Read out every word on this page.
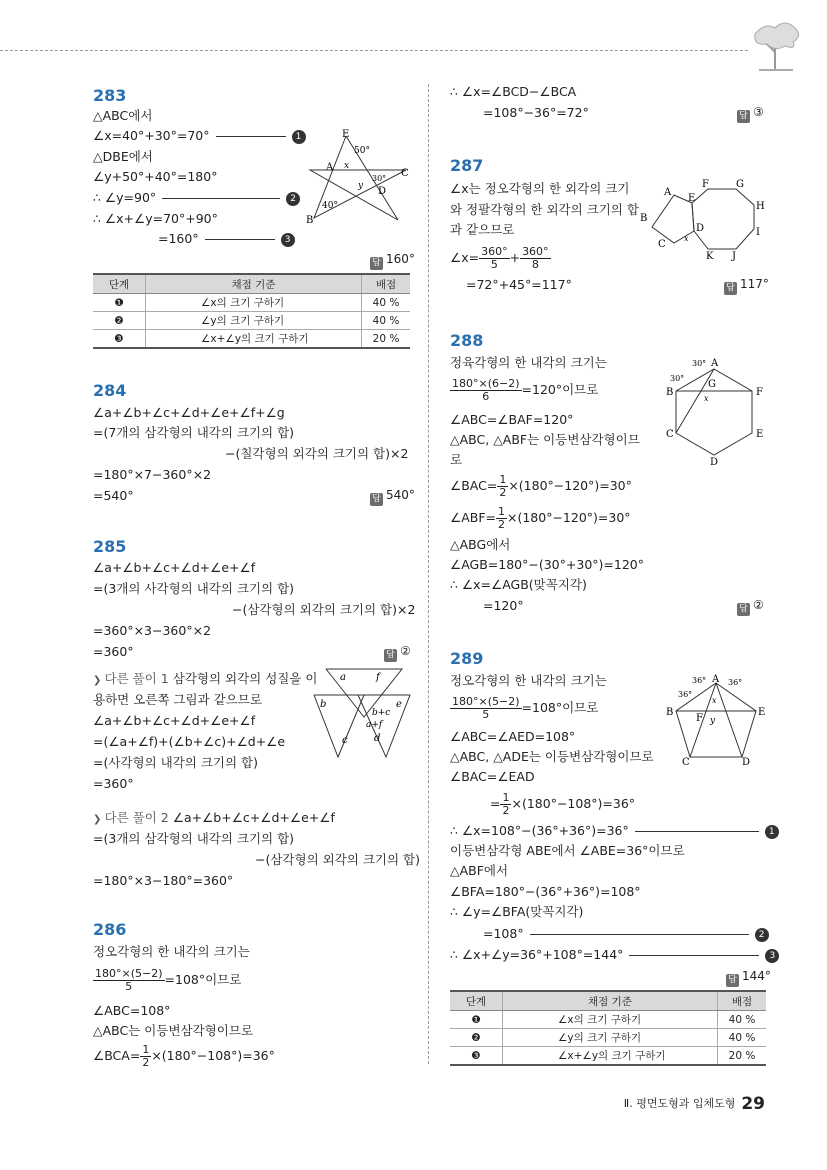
283
△ABC에서
∠x=40°+30°=70°	1
△DBE에서
∠y+50°+40°=180°
∴ ∠y=90°	2
∴ ∠x+∠y=70°+90°
=160°	3
E
50°
A x
C
y
30°
D
B
40°
답 160°
단계	채점 기준	배점
❶	∠x의 크기 구하기	40 %
❷	∠y의 크기 구하기	40 %
❸	∠x+∠y의 크기 구하기	20 %
284
∠a+∠b+∠c+∠d+∠e+∠f+∠g
=(7개의 삼각형의 내각의 크기의 합)
−(칠각형의 외각의 크기의 합)×2
=180°×7−360°×2
=540°	답 540°
285
∠a+∠b+∠c+∠d+∠e+∠f
=(3개의 사각형의 내각의 크기의 합)
−(삼각형의 외각의 크기의 합)×2
=360°×3−360°×2
=360°	답 ②
❯ 다른 풀이 1 삼각형의 외각의 성질을 이
용하면 오른쪽 그림과 같으므로
∠a+∠b+∠c+∠d+∠e+∠f
=(∠a+∠f)+(∠b+∠c)+∠d+∠e
=(사각형의 내각의 크기의 합)
=360°
a	f
b	e
b+c
a+f
c	d
❯ 다른 풀이 2 ∠a+∠b+∠c+∠d+∠e+∠f
=(3개의 삼각형의 내각의 크기의 합)
−(삼각형의 외각의 크기의 합)
=180°×3−180°=360°
286
정오각형의 한 내각의 크기는
$\frac{180^\circ\times(5-2)}{5} =108^\circ$이므로
∠ABC=108°
△ABC는 이등변삼각형이므로
∠BCA= $\frac{1}{2} \times(180^\circ-108^\circ)=36^\circ$
∴ ∠x=∠BCD−∠BCA
=108°−36°=72°	답 ③
287
∠x는 정오각형의 한 외각의 크기
와 정팔각형의 한 외각의 크기의 합
과 같으므로
∠x= $\frac{360^\circ}{5} + \frac{360^\circ}{8}$
=72°+45°=117°	답 117°
A
F	G
E
H
B
D	I
C
x
K J
288
정육각형의 한 내각의 크기는
$\frac{180^\circ\times(6-2)}{6} =120^\circ$이므로
∠ABC=∠BAF=120°
△ABC, △ABF는 이등변삼각형이므
로
∠BAC= $\frac{1}{2} \times(180^\circ-120^\circ)=30^\circ$
∠ABF= $\frac{1}{2} \times(180^\circ-120^\circ)=30^\circ$
△ABG에서
∠AGB=180°−(30°+30°)=120°
∴ ∠x=∠AGB(맞꼭지각)
=120°	답 ②
30° A
30°
B
G
F
x
C	E
D
289
정오각형의 한 내각의 크기는
$\frac{180^\circ\times(5-2)}{5} =108^\circ$이므로
∠ABC=∠AED=108°
△ABC, △ADE는 이등변삼각형이므로
∠BAC=∠EAD
= $\frac{1}{2} \times(180^\circ-108^\circ)=36^\circ$
∴ ∠x=108°−(36°+36°)=36°	1
이등변삼각형 ABE에서 ∠ABE=36°이므로
△ABF에서
∠BFA=180°−(36°+36°)=108°
∴ ∠y=∠BFA(맞꼭지각)
=108°	2
∴ ∠x+∠y=36°+108°=144°	3
답 144°
36° A 36°
36°
x
B
F y
E
C	D
단계	채점 기준	배점
❶	∠x의 크기 구하기	40 %
❷	∠y의 크기 구하기	40 %
❸	∠x+∠y의 크기 구하기	20 %
Ⅱ. 평면도형과 입체도형 29
